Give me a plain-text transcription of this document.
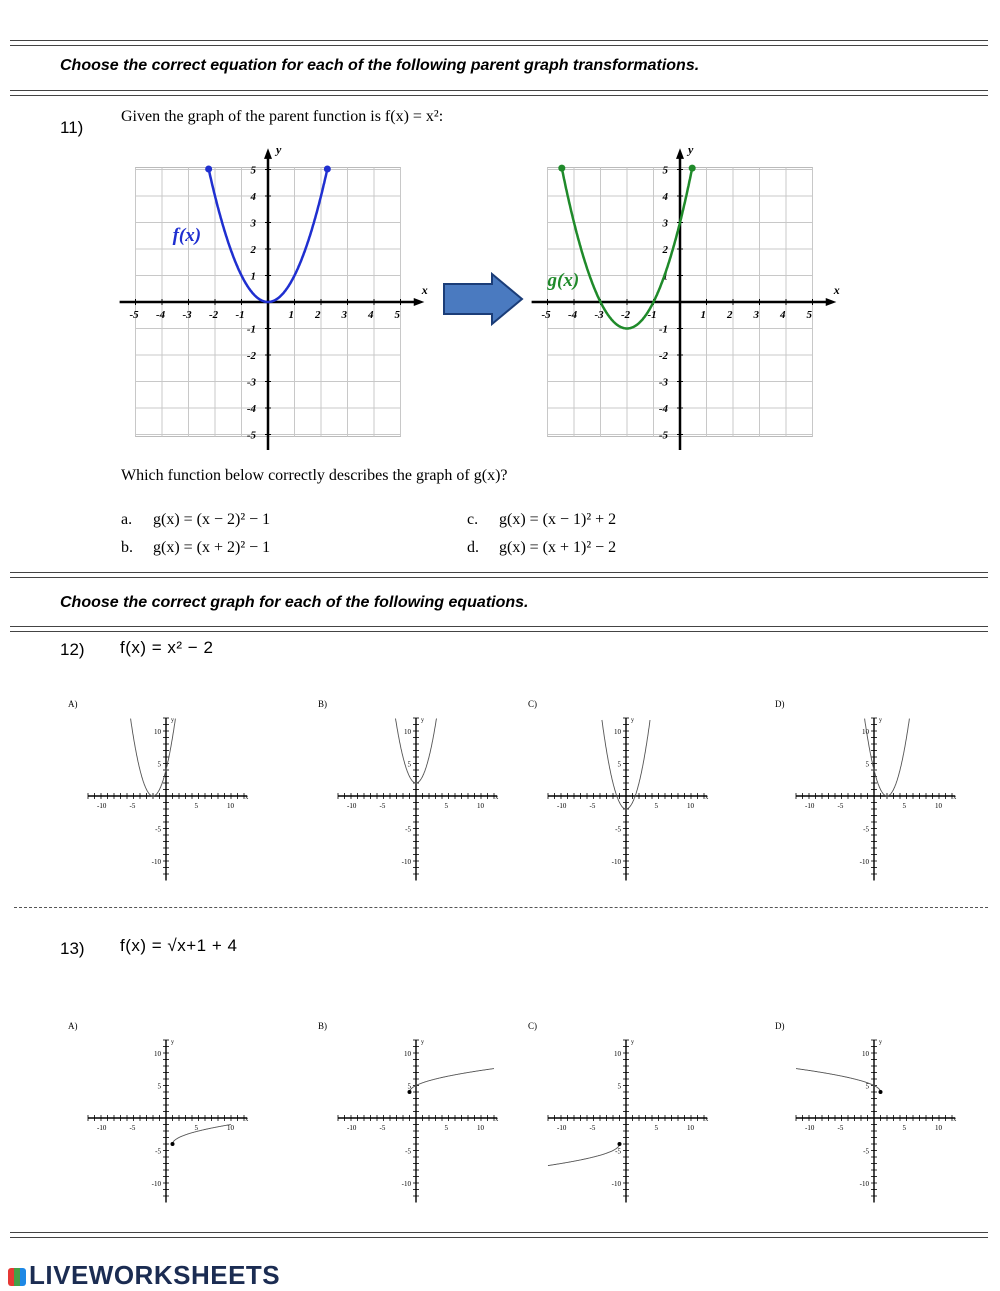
Choose the correct equation for each of the following parent graph transformations.
11)
Given the graph of the parent function is f(x) = x²:
x
y
-5
-5
-4
-4
-3
-3
-2
-2
-1
-1
1
1
2
2
3
3
4
4
5
5
f(x)
x
y
-5
-5
-4
-4
-3
-3
-2
-2
-1
-1
1
1
2
2
3
3
4
4
5
5
g(x)
Which function below correctly describes the graph of g(x)?
a. g(x) = (x − 2)² − 1
b. g(x) = (x + 2)² − 1
c. g(x) = (x − 1)² + 2
d. g(x) = (x + 1)² − 2
Choose the correct graph for each of the following equations.
12) f(x) = x² − 2
A)	B)	C)	D)
-10
-10
-5
-5
5
5
10
10
x
y
-10
-10
-5
-5
5
5
10
10
x
y
-10
-10
-5
-5
5
5
10
10
x
y
-10
-10
-5
-5
5
5
10
10
x
y
13) f(x) = √x+1 + 4
A)	B)	C)	D)
-10
-10
-5
-5
5
5
10
10
x
y
-10
-10
-5
-5
5
5
10
10
x
y
-10
-10
-5
-5
5
5
10
10
x
y
-10
-10
-5
-5
5
5
10
10
x
y
LIVEWORKSHEETS
